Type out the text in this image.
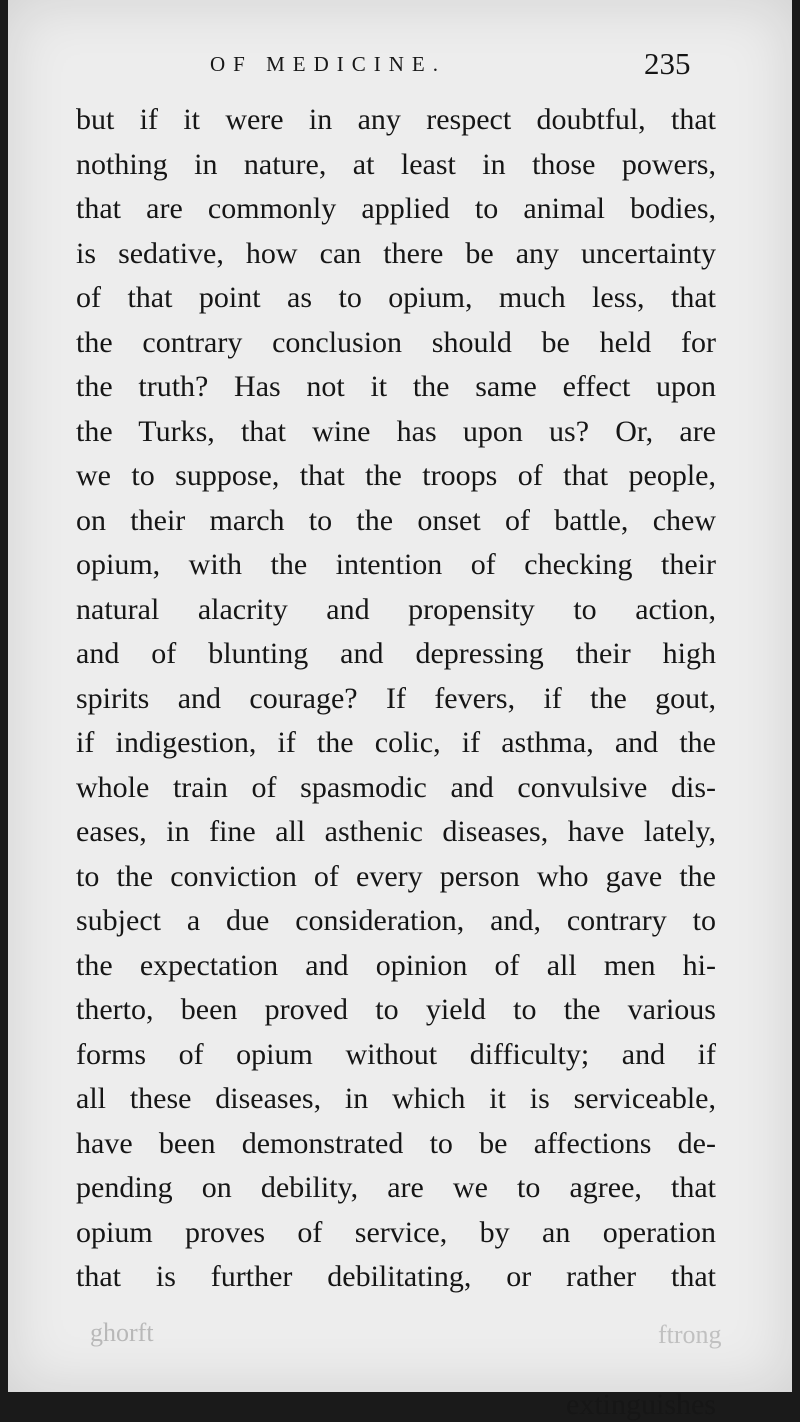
OF MEDICINE.	235
but if it were in any respect doubtful, that
nothing in nature, at least in those powers,
that are commonly applied to animal bodies,
is sedative, how can there be any uncertainty
of that point as to opium, much less, that
the contrary conclusion should be held for
the truth? Has not it the same effect upon
the Turks, that wine has upon us? Or, are
we to suppose, that the troops of that people,
on their march to the onset of battle, chew
opium, with the intention of checking their
natural alacrity and propensity to action,
and of blunting and depressing their high
spirits and courage? If fevers, if the gout,
if indigestion, if the colic, if asthma, and the
whole train of spasmodic and convulsive dis-
eases, in fine all asthenic diseases, have lately,
to the conviction of every person who gave the
subject a due consideration, and, contrary to
the expectation and opinion of all men hi-
therto, been proved to yield to the various
forms of opium without difficulty; and if
all these diseases, in which it is serviceable,
have been demonstrated to be affections de-
pending on debility, are we to agree, that
opium proves of service, by an operation
that is further debilitating, or rather that
extinguishes
ghorft	ftrong
